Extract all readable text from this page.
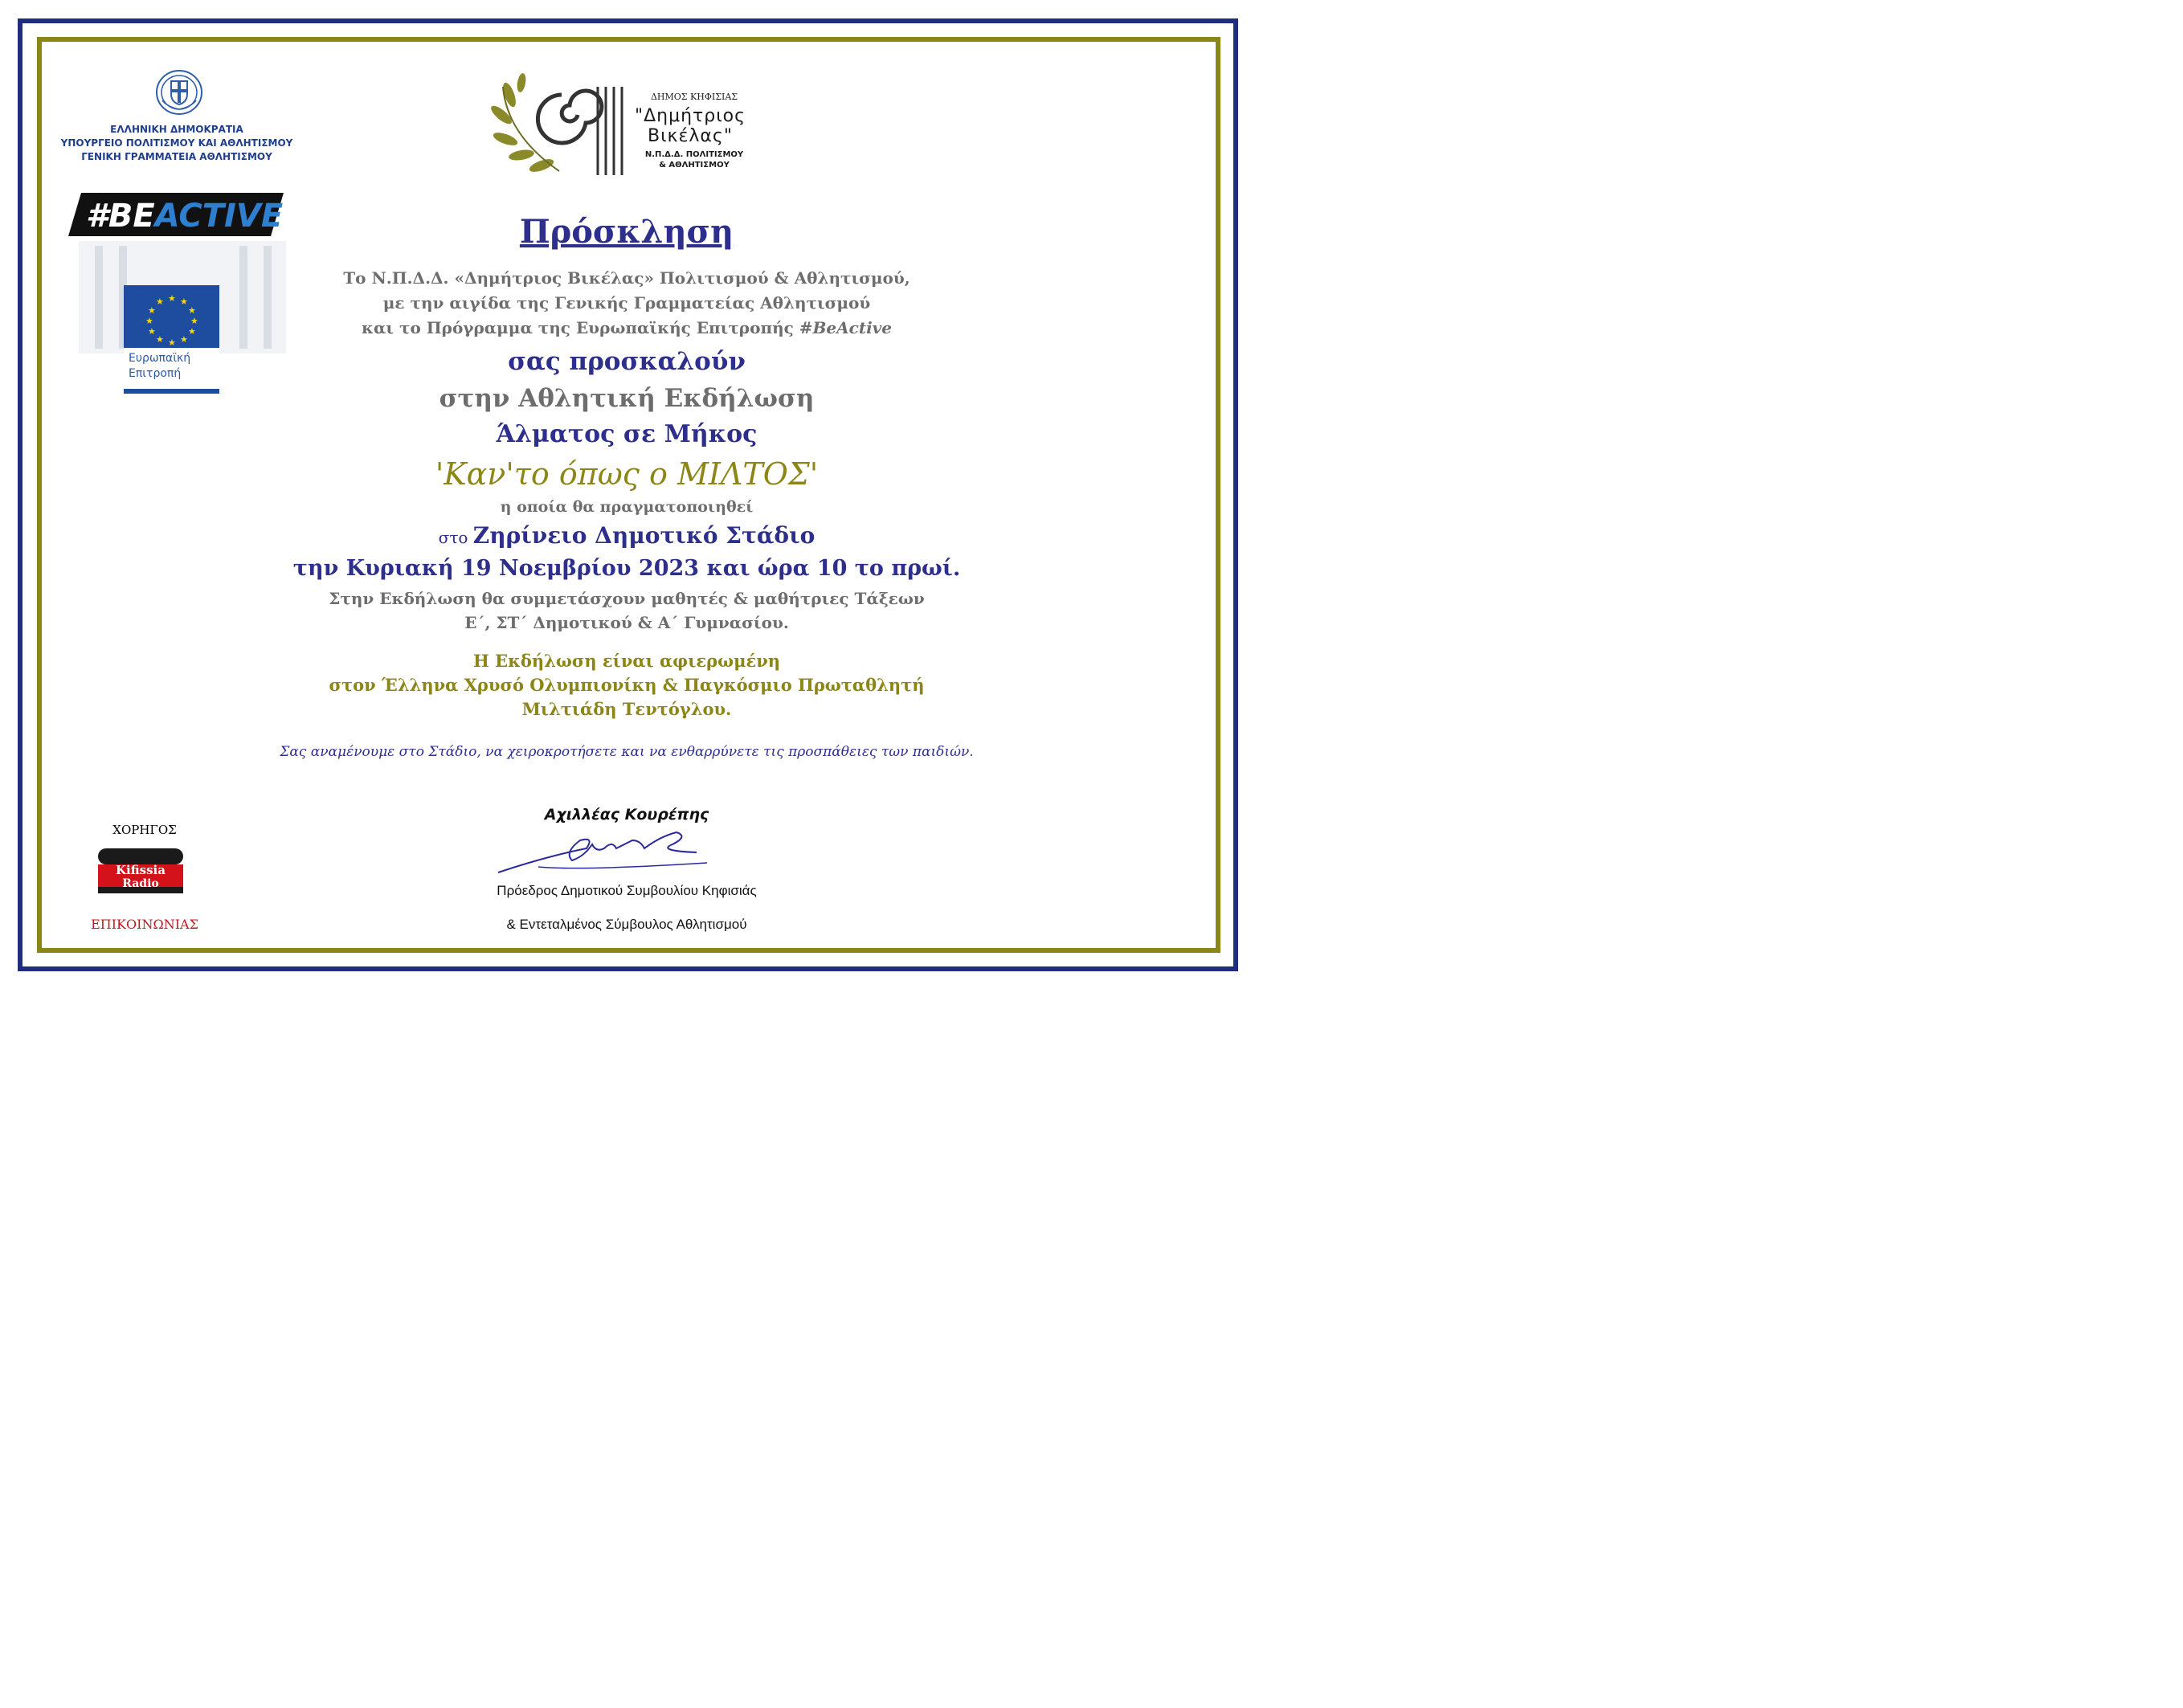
ΕΛΛΗΝΙΚΗ ΔΗΜΟΚΡΑΤΙΑ
ΥΠΟΥΡΓΕΙΟ ΠΟΛΙΤΙΣΜΟΥ ΚΑΙ ΑΘΛΗΤΙΣΜΟΥ
ΓΕΝΙΚΗ ΓΡΑΜΜΑΤΕΙΑ ΑΘΛΗΤΙΣΜΟΥ
#BEACTIVE
★ ★
★
★
★
★
★
★
★
★
★
★
Ευρωπαϊκή
Επιτροπή
ΔΗΜΟΣ ΚΗΦΙΣΙΑΣ
"Δημήτριος
Βικέλας"
Ν.Π.Δ.Δ. ΠΟΛΙΤΙΣΜΟΥ
& ΑΘΛΗΤΙΣΜΟΥ
Πρόσκληση
Το Ν.Π.Δ.Δ. «Δημήτριος Βικέλας» Πολιτισμού & Αθλητισμού,
με την αιγίδα της Γενικής Γραμματείας Αθλητισμού
και το Πρόγραμμα της Ευρωπαϊκής Επιτροπής #BeActive
σας προσκαλούν
στην Αθλητική Εκδήλωση
Άλματος σε Μήκος
'Καν'το όπως ο ΜΙΛΤΟΣ'
η οποία θα πραγματοποιηθεί
στο Ζηρίνειο Δημοτικό Στάδιο
την Κυριακή 19 Νοεμβρίου 2023 και ώρα 10 το πρωί.
Στην Εκδήλωση θα συμμετάσχουν μαθητές & μαθήτριες Τάξεων
Ε΄, ΣΤ΄ Δημοτικού & Α΄ Γυμνασίου.
Η Εκδήλωση είναι αφιερωμένη
στον Έλληνα Χρυσό Ολυμπιονίκη & Παγκόσμιο Πρωταθλητή
Μιλτιάδη Τεντόγλου.
Σας αναμένουμε στο Στάδιο, να χειροκροτήσετε και να ενθαρρύνετε τις προσπάθειες των παιδιών.
Αχιλλέας Κουρέπης
Πρόεδρος Δημοτικού Συμβουλίου Κηφισιάς
& Εντεταλμένος Σύμβουλος Αθλητισμού
ΧΟΡΗΓΟΣ
Kifissia
Radio
ΕΠΙΚΟΙΝΩΝΙΑΣ
